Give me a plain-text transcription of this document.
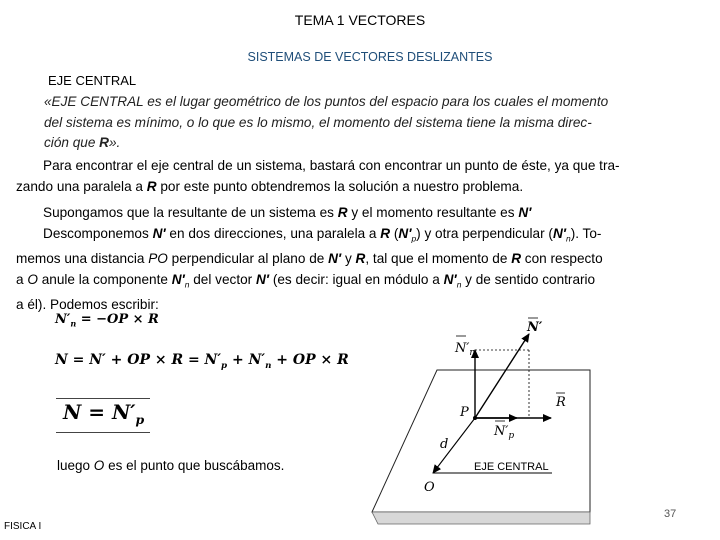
TEMA 1 VECTORES
SISTEMAS DE VECTORES DESLIZANTES
EJE CENTRAL
«EJE CENTRAL es el lugar geométrico de los puntos del espacio para los cuales el momento
del sistema es mínimo, o lo que es lo mismo, el momento del sistema tiene la misma direc-
ción que R».
Para encontrar el eje central de un sistema, bastará con encontrar un punto de éste, ya que tra-
zando una paralela a R por este punto obtendremos la solución a nuestro problema.
Supongamos que la resultante de un sistema es R y el momento resultante es N′
Descomponemos N′ en dos direcciones, una paralela a R $(N'_p)$ y otra perpendicular $(N'_n)$. To-
memos una distancia PO perpendicular al plano de N′ y R, tal que el momento de R con respecto
a O anule la componente $N'_n$ del vector N′ (es decir: igual en módulo a $N'_n$ y de sentido contrario
a él). Podemos escribir:
$N'_n = -OP \times R$
N = N′ + OP × $R = N'_p + N'_n$ + OP × R
$N = N'_p$
luego O es el punto que buscábamos.
N′
$N'_n$
R
$N'_p$
P
d
O
EJE CENTRAL
FISICA I
37
